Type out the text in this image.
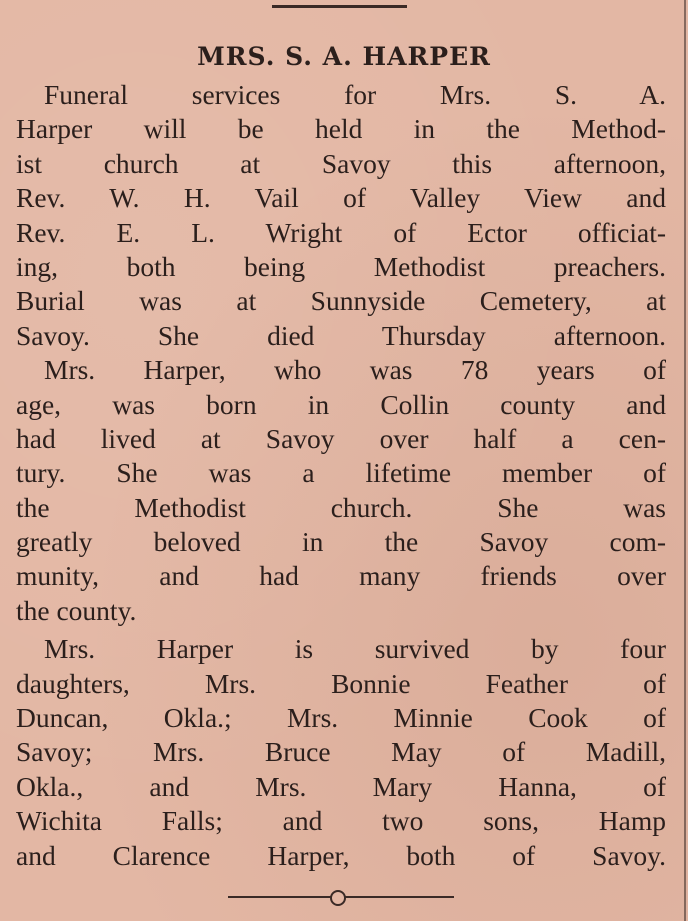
MRS. S. A. HARPER
Funeral services for Mrs. S. A.
Harper will be held in the Method-
ist church at Savoy this afternoon,
Rev. W. H. Vail of Valley View and
Rev. E. L. Wright of Ector officiat-
ing, both being Methodist preachers.
Burial was at Sunnyside Cemetery, at
Savoy. She died Thursday afternoon.
Mrs. Harper, who was 78 years of
age, was born in Collin county and
had lived at Savoy over half a cen-
tury. She was a lifetime member of
the Methodist church. She was
greatly beloved in the Savoy com-
munity, and had many friends over
the county.
Mrs. Harper is survived by four
daughters, Mrs. Bonnie Feather of
Duncan, Okla.; Mrs. Minnie Cook of
Savoy; Mrs. Bruce May of Madill,
Okla., and Mrs. Mary Hanna, of
Wichita Falls; and two sons, Hamp
and Clarence Harper, both of Savoy.
